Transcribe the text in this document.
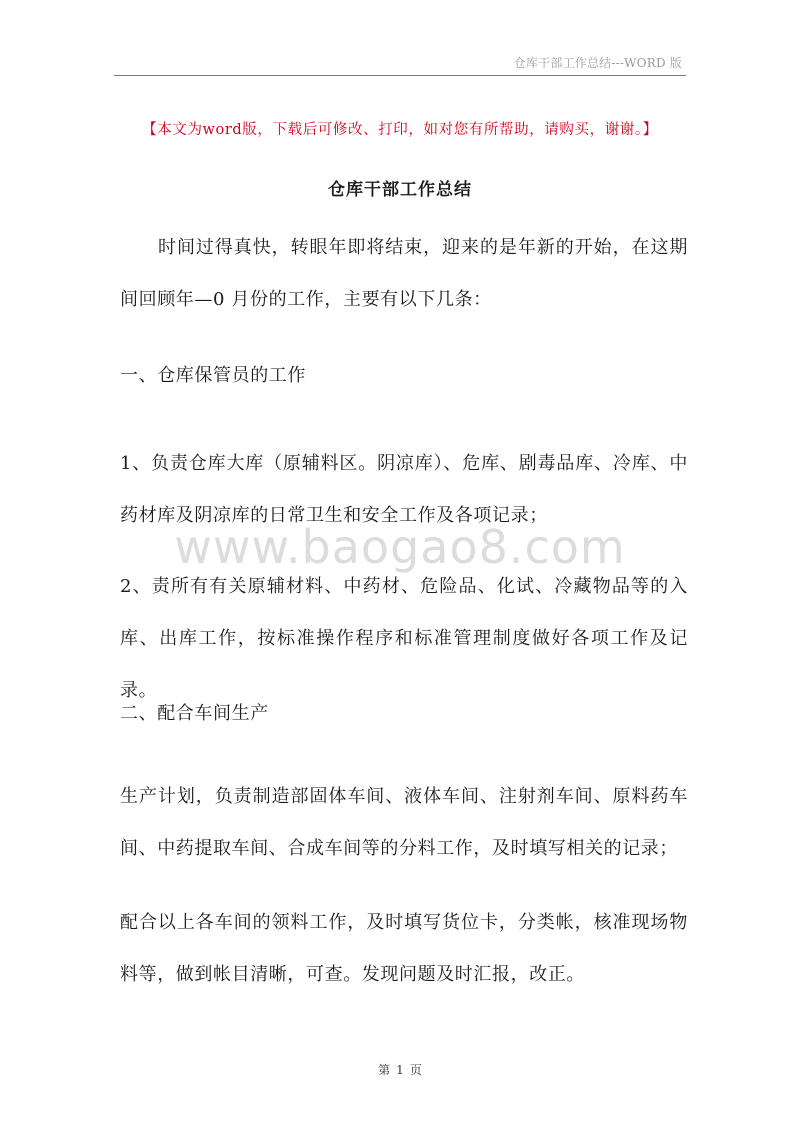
仓库干部工作总结---WORD 版
【本文为word版，下载后可修改、打印，如对您有所帮助，请购买，谢谢。】
仓库干部工作总结
时间过得真快，转眼年即将结束，迎来的是年新的开始，在这期间回顾年—0 月份的工作，主要有以下几条：
一、仓库保管员的工作
1、负责仓库大库（原辅料区。阴凉库）、危库、剧毒品库、冷库、中药材库及阴凉库的日常卫生和安全工作及各项记录；
www.baogao8.com
2、责所有有关原辅材料、中药材、危险品、化试、冷藏物品等的入库、出库工作，按标准操作程序和标准管理制度做好各项工作及记录。
二、配合车间生产
生产计划，负责制造部固体车间、液体车间、注射剂车间、原料药车间、中药提取车间、合成车间等的分料工作，及时填写相关的记录；
配合以上各车间的领料工作，及时填写货位卡，分类帐，核准现场物料等，做到帐目清晰，可查。发现问题及时汇报，改正。
第 1 页
